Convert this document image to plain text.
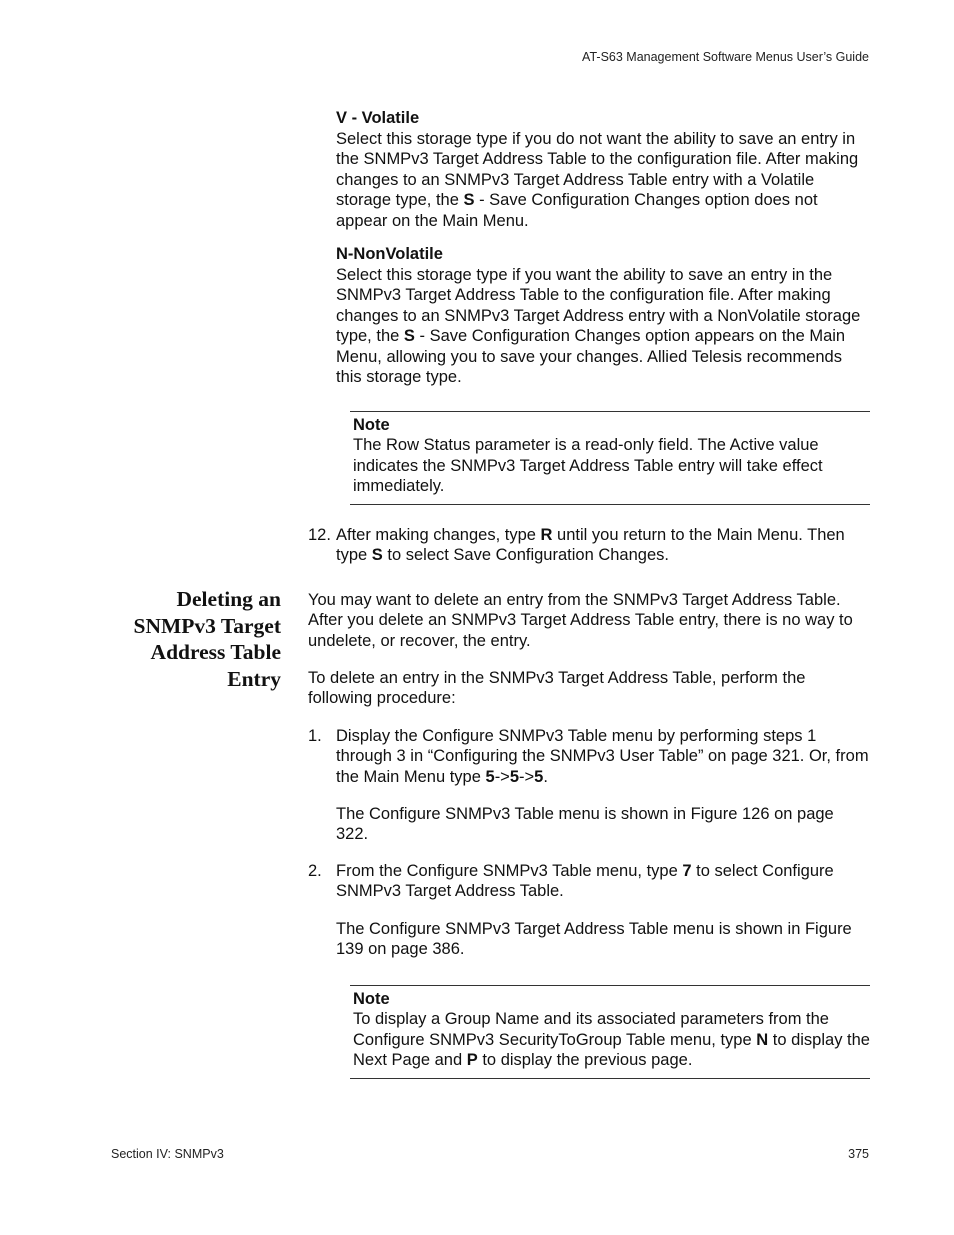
AT-S63 Management Software Menus User’s Guide
V - Volatile
Select this storage type if you do not want the ability to save an entry in the SNMPv3 Target Address Table to the configuration file. After making changes to an SNMPv3 Target Address Table entry with a Volatile storage type, the S - Save Configuration Changes option does not appear on the Main Menu.
N-NonVolatile
Select this storage type if you want the ability to save an entry in the SNMPv3 Target Address Table to the configuration file. After making changes to an SNMPv3 Target Address entry with a NonVolatile storage type, the S - Save Configuration Changes option appears on the Main Menu, allowing you to save your changes. Allied Telesis recommends this storage type.
Note
The Row Status parameter is a read-only field. The Active value indicates the SNMPv3 Target Address Table entry will take effect immediately.
12. After making changes, type R until you return to the Main Menu. Then type S to select Save Configuration Changes.
Deleting an SNMPv3 Target Address Table Entry
You may want to delete an entry from the SNMPv3 Target Address Table. After you delete an SNMPv3 Target Address Table entry, there is no way to undelete, or recover, the entry.
To delete an entry in the SNMPv3 Target Address Table, perform the following procedure:
1. Display the Configure SNMPv3 Table menu by performing steps 1 through 3 in “Configuring the SNMPv3 User Table” on page 321. Or, from the Main Menu type 5->5->5.
The Configure SNMPv3 Table menu is shown in Figure 126 on page 322.
2. From the Configure SNMPv3 Table menu, type 7 to select Configure SNMPv3 Target Address Table.
The Configure SNMPv3 Target Address Table menu is shown in Figure 139 on page 386.
Note
To display a Group Name and its associated parameters from the Configure SNMPv3 SecurityToGroup Table menu, type N to display the Next Page and P to display the previous page.
Section IV: SNMPv3	375
